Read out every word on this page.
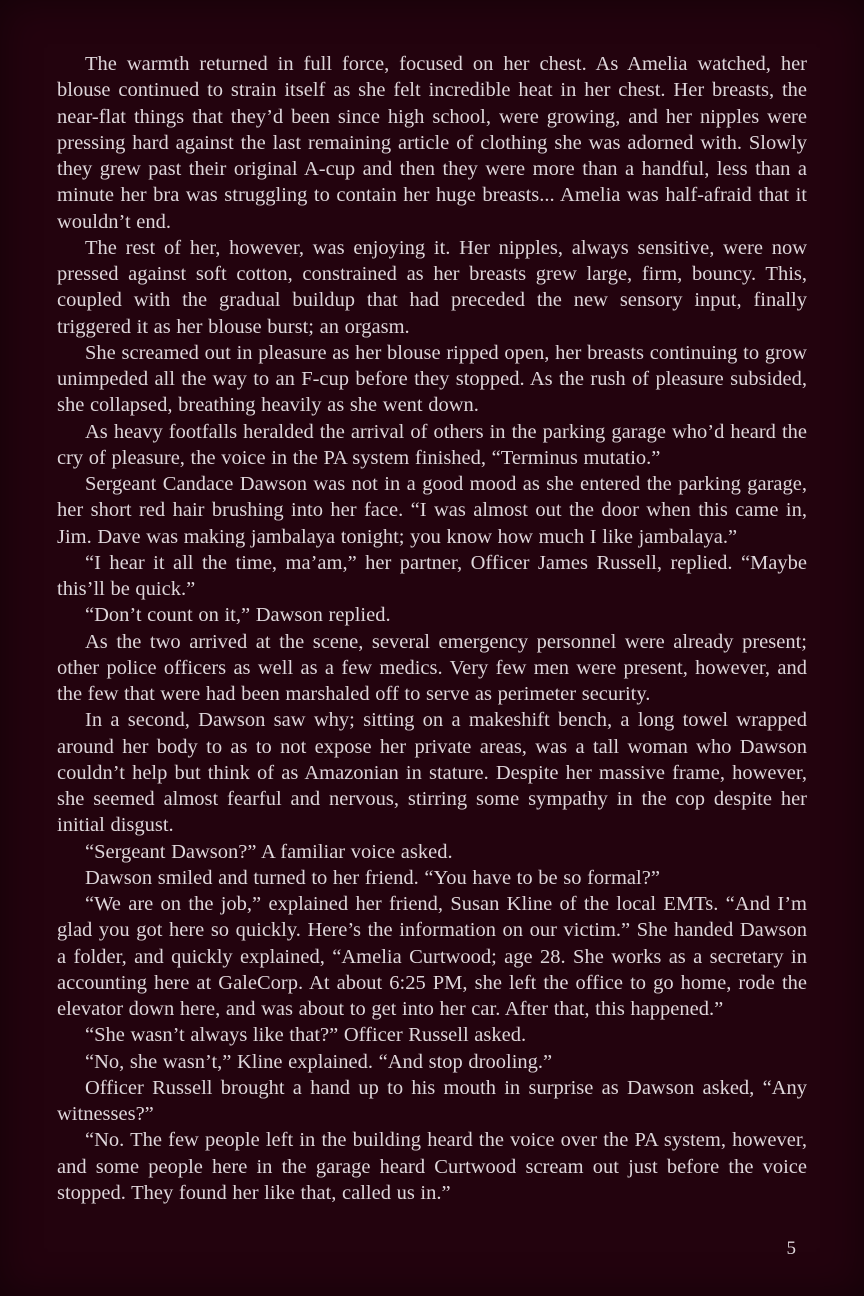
The warmth returned in full force, focused on her chest. As Amelia watched, her blouse continued to strain itself as she felt incredible heat in her chest. Her breasts, the near-flat things that they’d been since high school, were growing, and her nipples were pressing hard against the last remaining article of clothing she was adorned with. Slowly they grew past their original A-cup and then they were more than a handful, less than a minute her bra was struggling to contain her huge breasts... Amelia was half-afraid that it wouldn’t end.

The rest of her, however, was enjoying it. Her nipples, always sensitive, were now pressed against soft cotton, constrained as her breasts grew large, firm, bouncy. This, coupled with the gradual buildup that had preceded the new sensory input, finally triggered it as her blouse burst; an orgasm.

She screamed out in pleasure as her blouse ripped open, her breasts continuing to grow unimpeded all the way to an F-cup before they stopped. As the rush of pleasure subsided, she collapsed, breathing heavily as she went down.

As heavy footfalls heralded the arrival of others in the parking garage who’d heard the cry of pleasure, the voice in the PA system finished, “Terminus mutatio.”

Sergeant Candace Dawson was not in a good mood as she entered the parking garage, her short red hair brushing into her face. “I was almost out the door when this came in, Jim. Dave was making jambalaya tonight; you know how much I like jambalaya.”

“I hear it all the time, ma’am,” her partner, Officer James Russell, replied. “Maybe this’ll be quick.”

“Don’t count on it,” Dawson replied.

As the two arrived at the scene, several emergency personnel were already present; other police officers as well as a few medics. Very few men were present, however, and the few that were had been marshaled off to serve as perimeter security.

In a second, Dawson saw why; sitting on a makeshift bench, a long towel wrapped around her body to as to not expose her private areas, was a tall woman who Dawson couldn’t help but think of as Amazonian in stature. Despite her massive frame, however, she seemed almost fearful and nervous, stirring some sympathy in the cop despite her initial disgust.

“Sergeant Dawson?” A familiar voice asked.

Dawson smiled and turned to her friend. “You have to be so formal?”

“We are on the job,” explained her friend, Susan Kline of the local EMTs. “And I’m glad you got here so quickly. Here’s the information on our victim.” She handed Dawson a folder, and quickly explained, “Amelia Curtwood; age 28. She works as a secretary in accounting here at GaleCorp. At about 6:25 PM, she left the office to go home, rode the elevator down here, and was about to get into her car. After that, this happened.”

“She wasn’t always like that?” Officer Russell asked.

“No, she wasn’t,” Kline explained. “And stop drooling.”

Officer Russell brought a hand up to his mouth in surprise as Dawson asked, “Any witnesses?”

“No. The few people left in the building heard the voice over the PA system, however, and some people here in the garage heard Curtwood scream out just before the voice stopped. They found her like that, called us in.”

5
